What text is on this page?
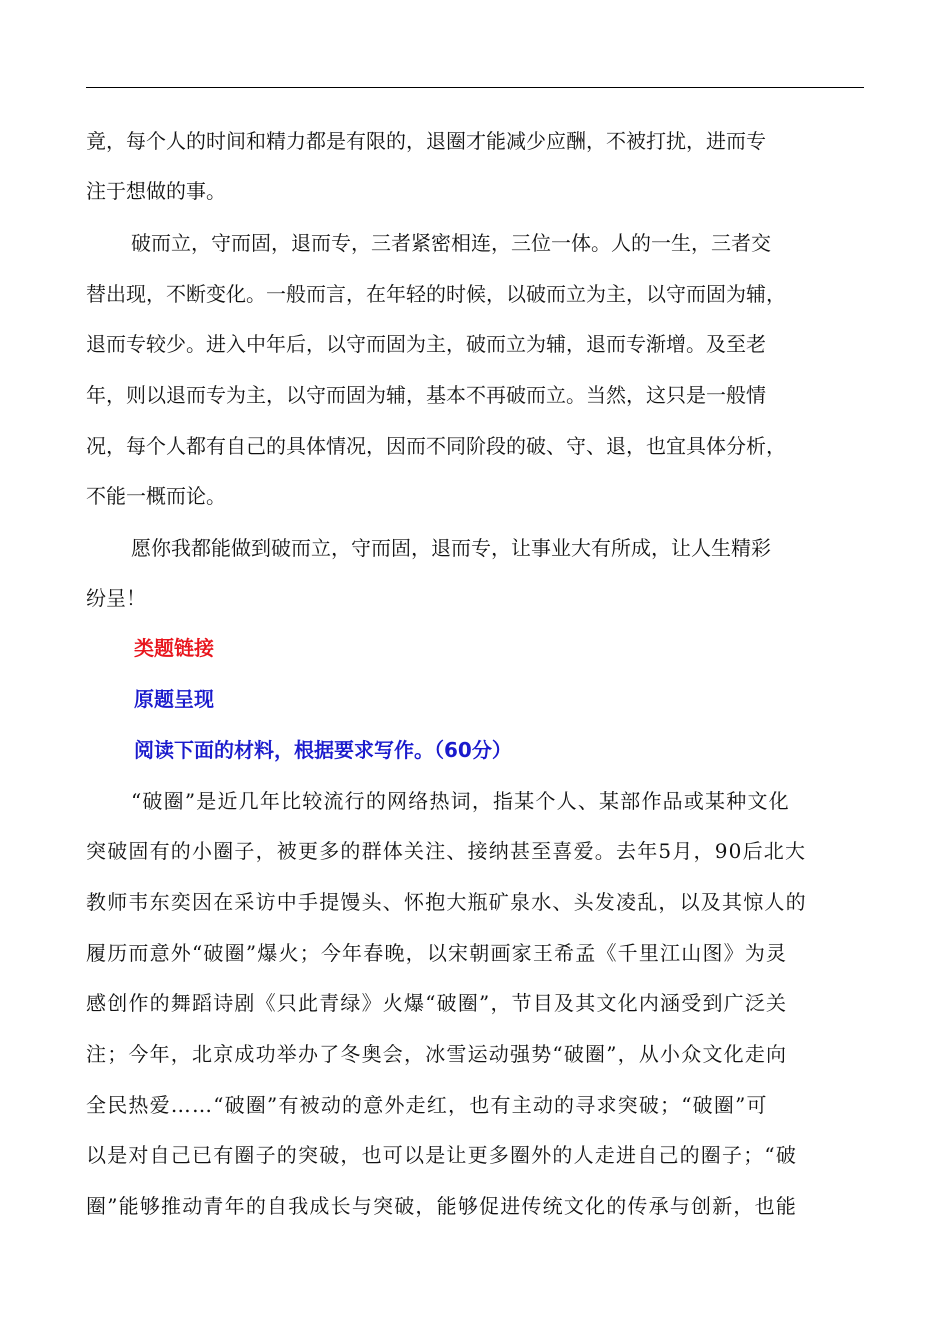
竟，每个人的时间和精力都是有限的，退圈才能减少应酬，不被打扰，进而专
注于想做的事。
破而立，守而固，退而专，三者紧密相连，三位一体。人的一生，三者交
替出现，不断变化。一般而言，在年轻的时候，以破而立为主，以守而固为辅，
退而专较少。进入中年后，以守而固为主，破而立为辅，退而专渐增。及至老
年，则以退而专为主，以守而固为辅，基本不再破而立。当然，这只是一般情
况，每个人都有自己的具体情况，因而不同阶段的破、守、退，也宜具体分析，
不能一概而论。
愿你我都能做到破而立，守而固，退而专，让事业大有所成，让人生精彩
纷呈！
类题链接
原题呈现
阅读下面的材料，根据要求写作。（60分）
“破圈”是近几年比较流行的网络热词，指某个人、某部作品或某种文化
突破固有的小圈子，被更多的群体关注、接纳甚至喜爱。去年5月，90后北大
教师韦东奕因在采访中手提馒头、怀抱大瓶矿泉水、头发凌乱，以及其惊人的
履历而意外“破圈”爆火；今年春晚，以宋朝画家王希孟《千里江山图》为灵
感创作的舞蹈诗剧《只此青绿》火爆“破圈”，节目及其文化内涵受到广泛关
注；今年，北京成功举办了冬奥会，冰雪运动强势“破圈”，从小众文化走向
全民热爱……“破圈”有被动的意外走红，也有主动的寻求突破；“破圈”可
以是对自己已有圈子的突破，也可以是让更多圈外的人走进自己的圈子；“破
圈”能够推动青年的自我成长与突破，能够促进传统文化的传承与创新，也能
